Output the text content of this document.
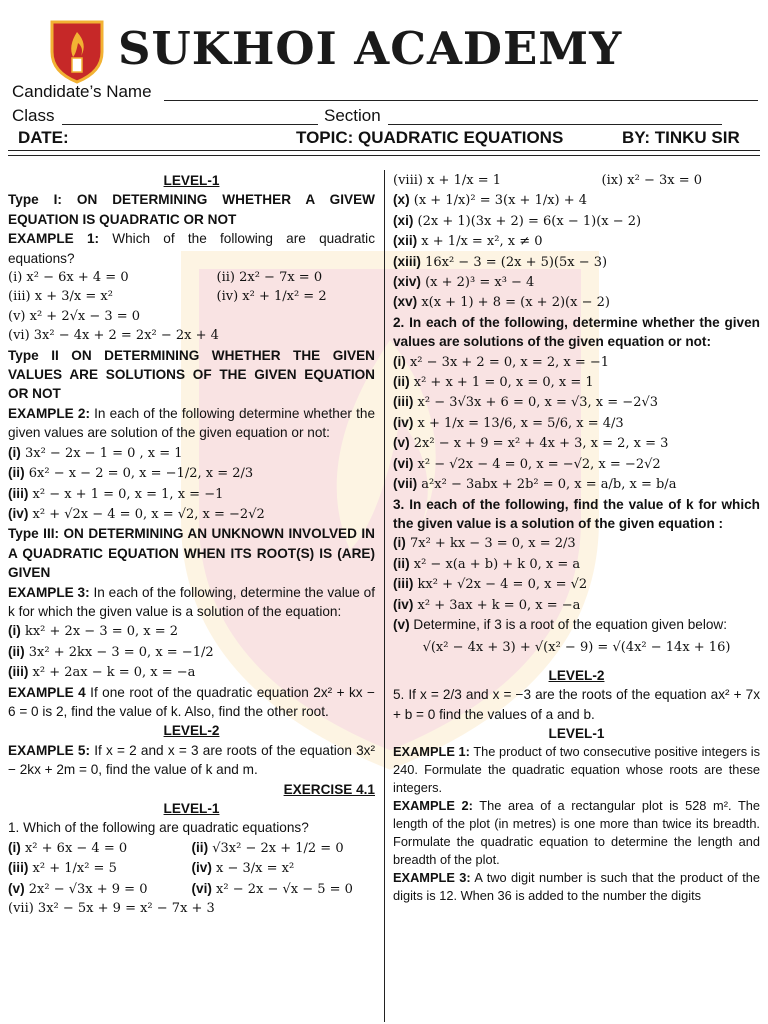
SUKHOI ACADEMY
Candidate’s Name
Class	Section
DATE:	TOPIC: QUADRATIC EQUATIONS	BY: TINKU SIR

LEVEL-1

Type I: ON DETERMINING WHETHER A GIVEW EQUATION IS QUADRATIC OR NOT

EXAMPLE 1: Which of the following are quadratic equations?

(i) x² − 6x + 4 = 0	(ii) 2x² − 7x = 0
(iii) x + 3/x = x²	(iv) x² + 1/x² = 2

(v) x² + 2√x − 3 = 0

(vi) 3x² − 4x + 2 = 2x² − 2x + 4

Type II ON DETERMINING WHETHER THE GIVEN VALUES ARE SOLUTIONS OF THE GIVEN EQUATION OR NOT

EXAMPLE 2: In each of the following determine whether the given values are solution of the given equation or not:

(i) 3x² − 2x − 1 = 0 , x = 1

(ii) 6x² − x − 2 = 0, x = −1/2, x = 2/3

(iii) x² − x + 1 = 0, x = 1, x = −1

(iv) x² + √2x − 4 = 0, x = √2, x = −2√2

Type III: ON DETERMINING AN UNKNOWN INVOLVED IN A QUADRATIC EQUATION WHEN ITS ROOT(S) IS (ARE) GIVEN

EXAMPLE 3: In each of the following, determine the value of k for which the given value is a solution of the equation:

(i) kx² + 2x − 3 = 0, x = 2

(ii) 3x² + 2kx − 3 = 0, x = −1/2

(iii) x² + 2ax − k = 0, x = −a

EXAMPLE 4 If one root of the quadratic equation 2x² + kx − 6 = 0 is 2, find the value of k. Also, find the other root.

LEVEL-2

EXAMPLE 5: If x = 2 and x = 3 are roots of the equation 3x² − 2kx + 2m = 0, find the value of k and m.

EXERCISE 4.1

LEVEL-1

1. Which of the following are quadratic equations?

(i) x² + 6x − 4 = 0	(ii) √3x² − 2x + 1/2 = 0
(iii) x² + 1/x² = 5	(iv) x − 3/x = x²
(v) 2x² − √3x + 9 = 0	(vi) x² − 2x − √x − 5 = 0

(vii) 3x² − 5x + 9 = x² − 7x + 3

(viii) x + 1/x = 1	(ix) x² − 3x = 0

(x) (x + 1/x)² = 3(x + 1/x) + 4

(xi) (2x + 1)(3x + 2) = 6(x − 1)(x − 2)

(xii) x + 1/x = x², x ≠ 0

(xiii) 16x² − 3 = (2x + 5)(5x − 3)

(xiv) (x + 2)³ = x³ − 4

(xv) x(x + 1) + 8 = (x + 2)(x − 2)

2. In each of the following, determine whether the given values are solutions of the given equation or not:

(i) x² − 3x + 2 = 0, x = 2, x = −1

(ii) x² + x + 1 = 0, x = 0, x = 1

(iii) x² − 3√3x + 6 = 0, x = √3, x = −2√3

(iv) x + 1/x = 13/6, x = 5/6, x = 4/3

(v) 2x² − x + 9 = x² + 4x + 3, x = 2, x = 3

(vi) x² − √2x − 4 = 0, x = −√2, x = −2√2

(vii) a²x² − 3abx + 2b² = 0, x = a/b, x = b/a

3. In each of the following, find the value of k for which the given value is a solution of the given equation :

(i) 7x² + kx − 3 = 0, x = 2/3

(ii) x² − x(a + b) + k 0, x = a

(iii) kx² + √2x − 4 = 0, x = √2

(iv) x² + 3ax + k = 0, x = −a

(v) Determine, if 3 is a root of the equation given below:

√(x² − 4x + 3) + √(x² − 9) = √(4x² − 14x + 16)

LEVEL-2

5. If x = 2/3 and x = −3 are the roots of the equation ax² + 7x + b = 0 find the values of a and b.

LEVEL-1

EXAMPLE 1: The product of two consecutive positive integers is 240. Formulate the quadratic equation whose roots are these integers.

EXAMPLE 2: The area of a rectangular plot is 528 m². The length of the plot (in metres) is one more than twice its breadth. Formulate the quadratic equation to determine the length and breadth of the plot.

EXAMPLE 3: A two digit number is such that the product of the digits is 12. When 36 is added to the number the digits
